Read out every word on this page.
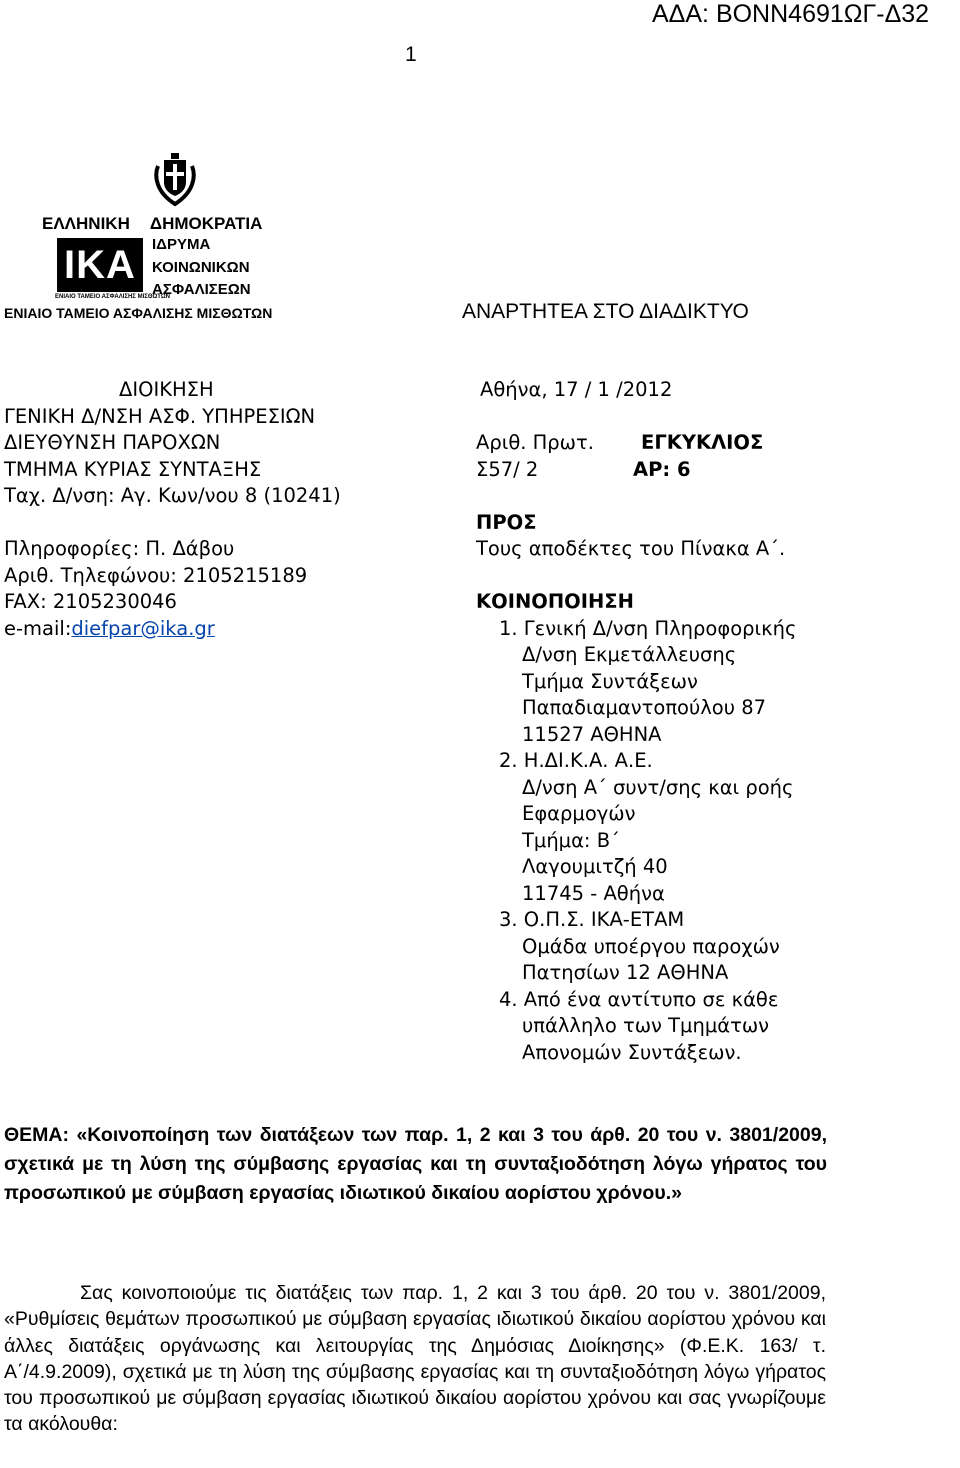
ΑΔΑ: ΒΟΝΝ4691ΩΓ-Δ32
1
ΕΛΛΗΝΙΚΗ ΔΗΜΟΚΡΑΤΙΑ
IKA
ΕΝΙΑΙΟ ΤΑΜΕΙΟ ΑΣΦΑΛΙΣΗΣ ΜΙΣΘΩΤΩΝ
ΙΔΡΥΜΑ
ΚΟΙΝΩΝΙΚΩΝ
ΑΣΦΑΛΙΣΕΩΝ
ΕΝΙΑΙΟ ΤΑΜΕΙΟ ΑΣΦΑΛΙΣΗΣ ΜΙΣΘΩΤΩΝ	ΑΝΑΡΤΗΤΕΑ ΣΤΟ ΔΙΑΔΙΚΤΥΟ
ΔΙΟΙΚΗΣΗ
ΓΕΝΙΚΗ Δ/ΝΣΗ ΑΣΦ. ΥΠΗΡΕΣΙΩΝ
ΔΙΕΥΘΥΝΣΗ ΠΑΡΟΧΩΝ
ΤΜΗΜΑ ΚΥΡΙΑΣ ΣΥΝΤΑΞΗΣ
Ταχ. Δ/νση: Αγ. Κων/νου 8 (10241)
Πληροφορίες: Π. Δάβου
Αριθ. Τηλεφώνου: 2105215189
FAX: 2105230046
e-mail:diefpar@ika.gr
Αθήνα, 17 / 1 /2012
Αριθ. Πρωτ. ΕΓΚΥΚΛΙΟΣ
Σ57/ 2	ΑΡ: 6
ΠΡΟΣ
Τους αποδέκτες του Πίνακα Α΄.
ΚΟΙΝΟΠΟΙΗΣΗ
1. Γενική Δ/νση Πληροφορικής
Δ/νση Εκμετάλλευσης
Τμήμα Συντάξεων
Παπαδιαμαντοπούλου 87
11527 ΑΘΗΝΑ
2. Η.ΔΙ.Κ.Α. Α.Ε.
Δ/νση Α΄ συντ/σης και ροής
Εφαρμογών
Τμήμα: Β΄
Λαγουμιτζή 40
11745 - Αθήνα
3. Ο.Π.Σ. ΙΚΑ-ΕΤΑΜ
Ομάδα υποέργου παροχών
Πατησίων 12 ΑΘΗΝΑ
4. Από ένα αντίτυπο σε κάθε
υπάλληλο των Τμημάτων
Απονομών Συντάξεων.
ΘΕΜΑ: «Κοινοποίηση των διατάξεων των παρ. 1, 2 και 3 του άρθ. 20 του ν. 3801/2009, σχετικά με τη λύση της σύμβασης εργασίας και τη συνταξιοδότηση λόγω γήρατος του προσωπικού με σύμβαση εργασίας ιδιωτικού δικαίου αορίστου χρόνου.»
Σας κοινοποιούμε τις διατάξεις των παρ. 1, 2 και 3 του άρθ. 20 του ν. 3801/2009, «Ρυθμίσεις θεμάτων προσωπικού με σύμβαση εργασίας ιδιωτικού δικαίου αορίστου χρόνου και άλλες διατάξεις οργάνωσης και λειτουργίας της Δημόσιας Διοίκησης» (Φ.Ε.Κ. 163/ τ. Α΄/4.9.2009), σχετικά με τη λύση της σύμβασης εργασίας και τη συνταξιοδότηση λόγω γήρατος του προσωπικού με σύμβαση εργασίας ιδιωτικού δικαίου αορίστου χρόνου και σας γνωρίζουμε τα ακόλουθα:
